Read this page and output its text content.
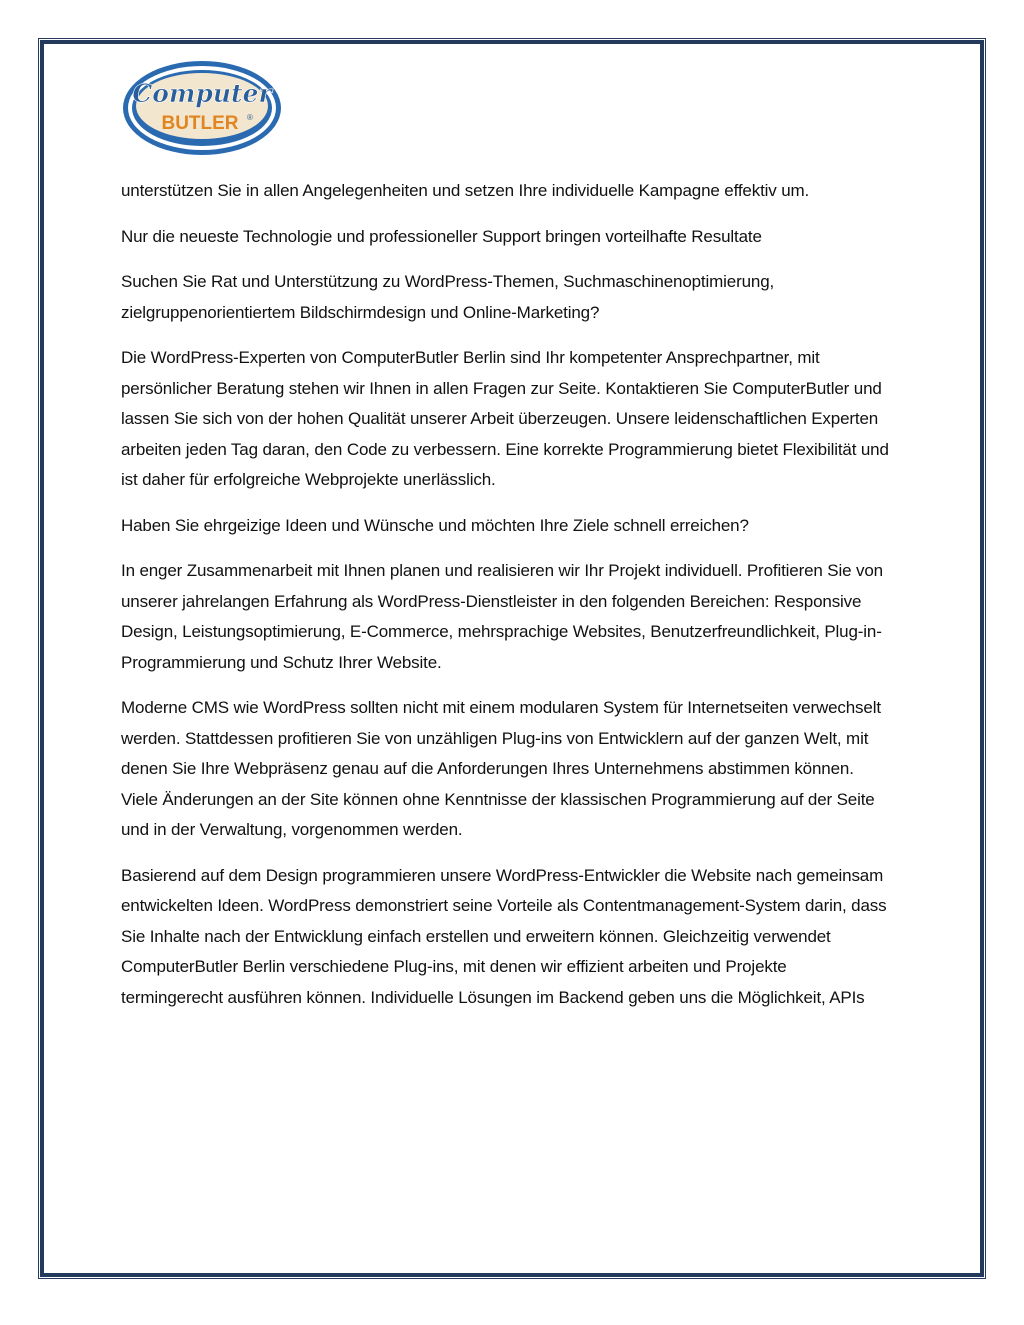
Computer
BUTLER ®

unterstützen Sie in allen Angelegenheiten und setzen Ihre individuelle Kampagne effektiv um.

Nur die neueste Technologie und professioneller Support bringen vorteilhafte Resultate

Suchen Sie Rat und Unterstützung zu WordPress-Themen, Suchmaschinenoptimierung, zielgruppenorientiertem Bildschirmdesign und Online-Marketing?

Die WordPress-Experten von ComputerButler Berlin sind Ihr kompetenter Ansprechpartner, mit persönlicher Beratung stehen wir Ihnen in allen Fragen zur Seite. Kontaktieren Sie ComputerButler und lassen Sie sich von der hohen Qualität unserer Arbeit überzeugen. Unsere leidenschaftlichen Experten arbeiten jeden Tag daran, den Code zu verbessern. Eine korrekte Programmierung bietet Flexibilität und ist daher für erfolgreiche Webprojekte unerlässlich.

Haben Sie ehrgeizige Ideen und Wünsche und möchten Ihre Ziele schnell erreichen?

In enger Zusammenarbeit mit Ihnen planen und realisieren wir Ihr Projekt individuell. Profitieren Sie von unserer jahrelangen Erfahrung als WordPress-Dienstleister in den folgenden Bereichen: Responsive Design, Leistungsoptimierung, E-Commerce, mehrsprachige Websites, Benutzerfreundlichkeit, Plug-in-Programmierung und Schutz Ihrer Website.

Moderne CMS wie WordPress sollten nicht mit einem modularen System für Internetseiten verwechselt werden. Stattdessen profitieren Sie von unzähligen Plug-ins von Entwicklern auf der ganzen Welt, mit denen Sie Ihre Webpräsenz genau auf die Anforderungen Ihres Unternehmens abstimmen können. Viele Änderungen an der Site können ohne Kenntnisse der klassischen Programmierung auf der Seite und in der Verwaltung, vorgenommen werden.

Basierend auf dem Design programmieren unsere WordPress-Entwickler die Website nach gemeinsam entwickelten Ideen. WordPress demonstriert seine Vorteile als Contentmanagement-System darin, dass Sie Inhalte nach der Entwicklung einfach erstellen und erweitern können. Gleichzeitig verwendet ComputerButler Berlin verschiedene Plug-ins, mit denen wir effizient arbeiten und Projekte termingerecht ausführen können. Individuelle Lösungen im Backend geben uns die Möglichkeit, APIs
